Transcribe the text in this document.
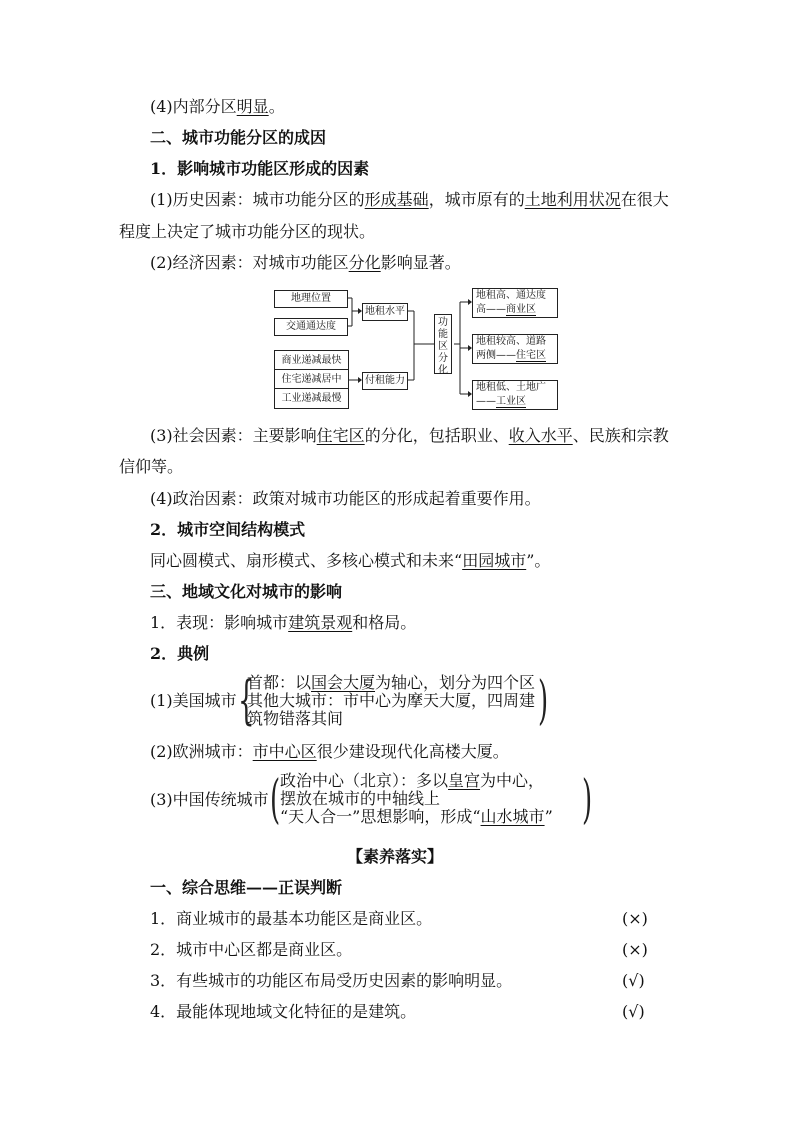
(4)内部分区明显。
二、城市功能分区的成因
1．影响城市功能区形成的因素
(1)历史因素：城市功能分区的形成基础，城市原有的土地利用状况在很大
程度上决定了城市功能分区的现状。
(2)经济因素：对城市功能区分化影响显著。
地理位置
交通通达度
地租水平
商业递减最快
住宅递减居中
工业递减最慢
付租能力
功能区分化
地租高、通达度
高——商业区
地租较高、道路
两侧——住宅区
地租低、土地广
——工业区
(3)社会因素：主要影响住宅区的分化，包括职业、收入水平、民族和宗教
信仰等。
(4)政治因素：政策对城市功能区的形成起着重要作用。
2．城市空间结构模式
同心圆模式、扇形模式、多核心模式和未来“田园城市”。
三、地域文化对城市的影响
1．表现：影响城市建筑景观和格局。
2．典例
(1)美国城市 {
首都：以国会大厦为轴心，划分为四个区
其他大城市：市中心为摩天大厦，四周建
筑物错落其间	)
(2)欧洲城市：市中心区很少建设现代化高楼大厦。
(3)中国传统城市 ( 政治中心（北京）：多以皇宫为中心，
摆放在城市的中轴线上
“天人合一”思想影响，形成“山水城市” )
【素养落实】
一、综合思维——正误判断
1．商业城市的最基本功能区是商业区。	(×)
2．城市中心区都是商业区。	(×)
3．有些城市的功能区布局受历史因素的影响明显。	(√)
4．最能体现地域文化特征的是建筑。	(√)
